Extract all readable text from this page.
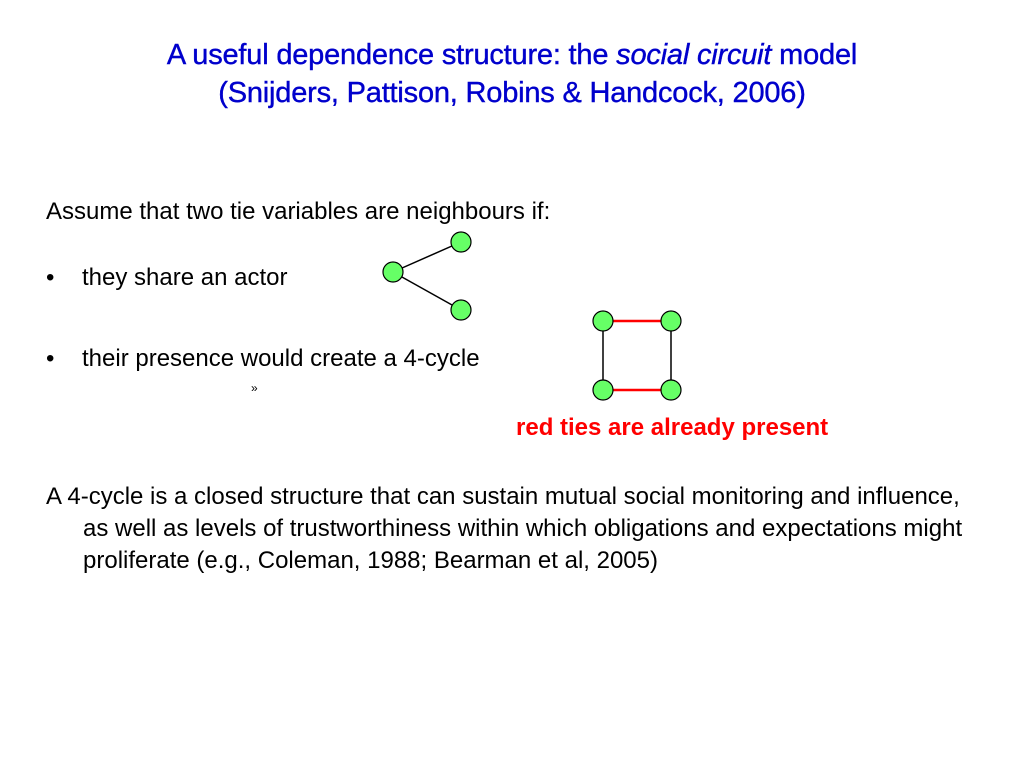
A useful dependence structure: the social circuit model
(Snijders, Pattison, Robins & Handcock, 2006)
Assume that two tie variables are neighbours if:
• they share an actor
• their presence would create a 4-cycle
»
red ties are already present
A 4-cycle is a closed structure that can sustain mutual social monitoring and influence, as well as levels of trustworthiness within which obligations and expectations might proliferate (e.g., Coleman, 1988; Bearman et al, 2005)
